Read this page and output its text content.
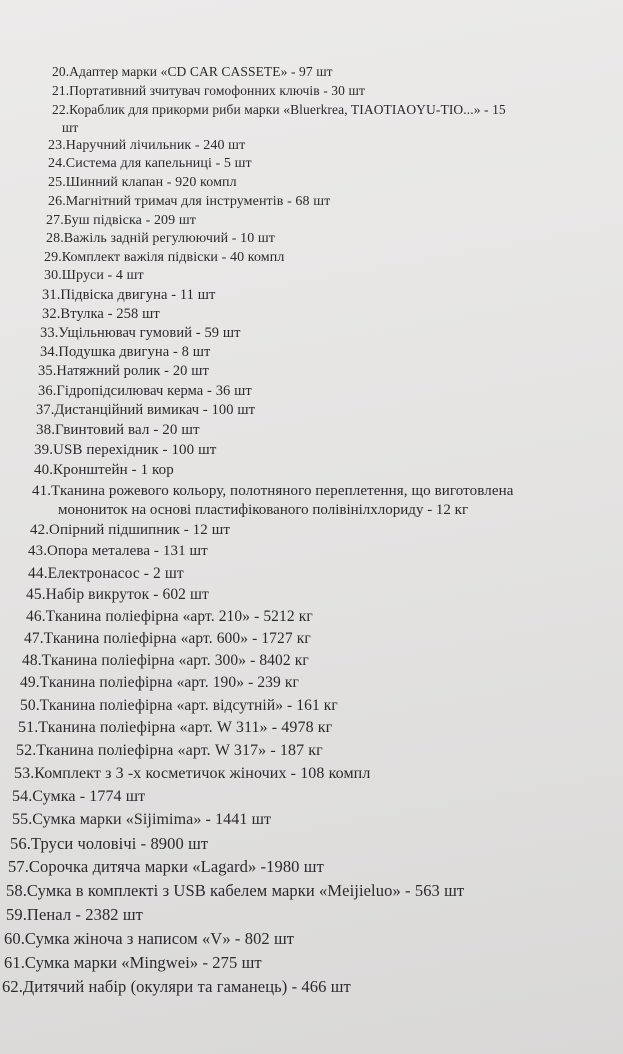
20.Адаптер марки «CD CAR CASSETE» - 97 шт
21.Портативний зчитувач гомофонних ключів - 30 шт
22.Кораблик для прикорми риби марки «Bluerkrea, TIAOTIAOYU-TIO...» - 15
шт
23.Наручний лічильник - 240 шт
24.Система для капельниці - 5 шт
25.Шинний клапан - 920 компл
26.Магнітний тримач для інструментів - 68 шт
27.Буш підвіска - 209 шт
28.Важіль задній регулюючий - 10 шт
29.Комплект важіля підвіски - 40 компл
30.Шруси - 4 шт
31.Підвіска двигуна - 11 шт
32.Втулка - 258 шт
33.Ущільнювач гумовий - 59 шт
34.Подушка двигуна - 8 шт
35.Натяжний ролик - 20 шт
36.Гідропідсилювач керма - 36 шт
37.Дистанційний вимикач - 100 шт
38.Гвинтовий вал - 20 шт
39.USB перехідник - 100 шт
40.Кронштейн - 1 кор
41.Тканина рожевого кольору, полотняного переплетення, що виготовлена
монониток на основі пластифікованого полівінілхлориду - 12 кг
42.Опірний підшипник - 12 шт
43.Опора металева - 131 шт
44.Електронасос - 2 шт
45.Набір викруток - 602 шт
46.Тканина поліефірна «арт. 210» - 5212 кг
47.Тканина поліефірна «арт. 600» - 1727 кг
48.Тканина поліефірна «арт. 300» - 8402 кг
49.Тканина поліефірна «арт. 190» - 239 кг
50.Тканина поліефірна «арт. відсутній» - 161 кг
51.Тканина поліефірна «арт. W 311» - 4978 кг
52.Тканина поліефірна «арт. W 317» - 187 кг
53.Комплект з 3 -х косметичок жіночих - 108 компл
54.Сумка - 1774 шт
55.Сумка марки «Sijimima» - 1441 шт
56.Труси чоловічі - 8900 шт
57.Сорочка дитяча марки «Lagard» -1980 шт
58.Сумка в комплекті з USB кабелем марки «Meijieluo» - 563 шт
59.Пенал - 2382 шт
60.Сумка жіноча з написом «V» - 802 шт
61.Сумка марки «Mingwei» - 275 шт
62.Дитячий набір (окуляри та гаманець) - 466 шт
